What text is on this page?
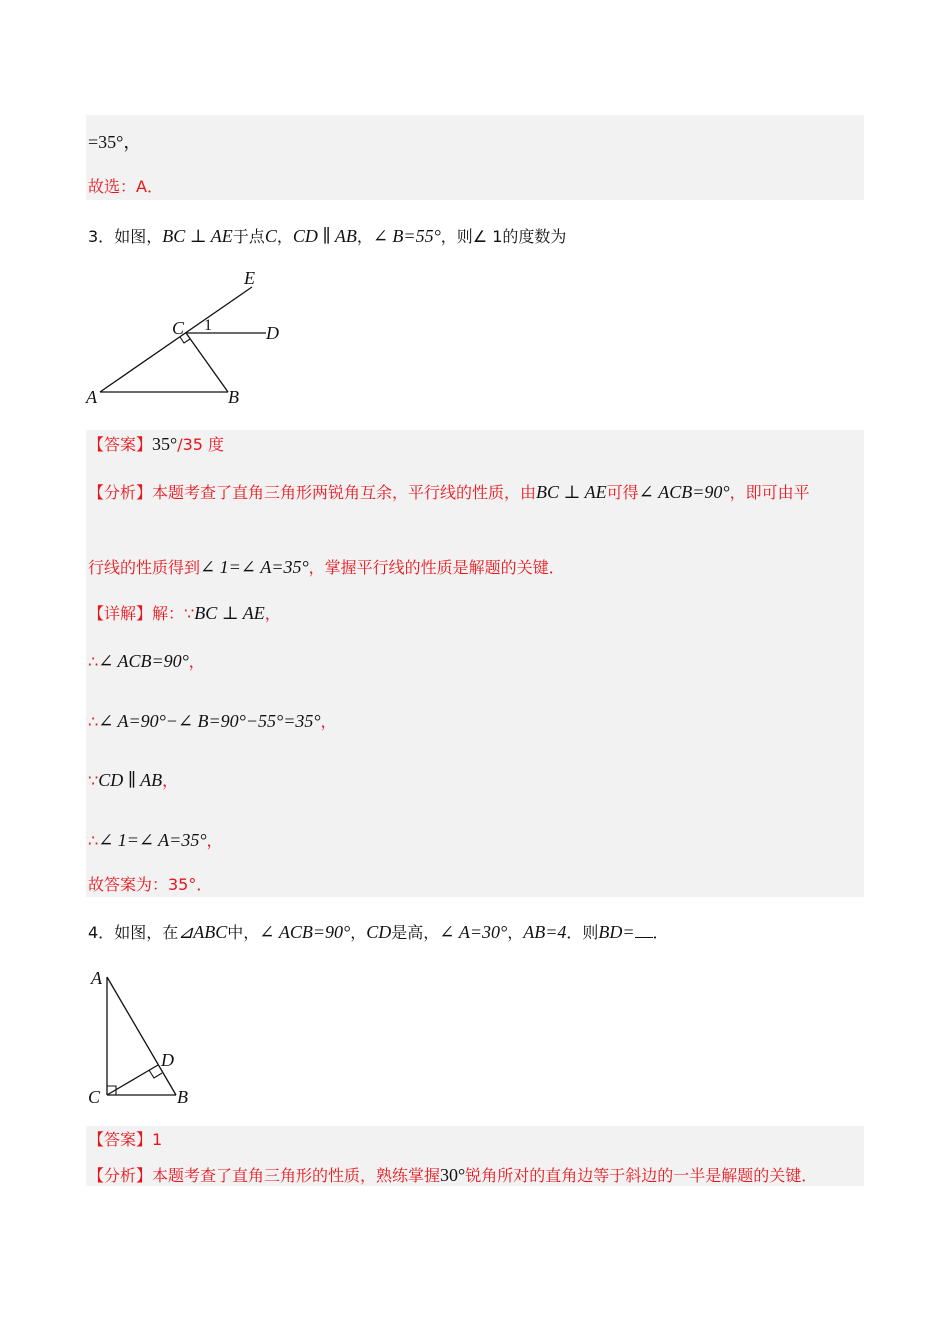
=35°，
故选：A．
3．如图，BC ⊥ AE于点C，CD ∥ AB，∠ B=55°，则∠ 1的度数为
E
C 1	D
A	B
【答案】35°/35 度
【分析】本题考查了直角三角形两锐角互余，平行线的性质，由BC ⊥ AE可得∠ ACB=90°，即可由平
行线的性质得到∠ 1=∠ A=35°，掌握平行线的性质是解题的关键．
【详解】解：∵BC ⊥ AE，
∴∠ ACB=90°，
∴∠ A=90°−∠ B=90°−55°=35°，
∵CD ∥ AB，
∴∠ 1=∠ A=35°，
故答案为：35°．
4．如图，在⊿ABC中，∠ ACB=90°，CD是高，∠ A=30°，AB=4．则BD= ．
A
D
C	B
【答案】1
【分析】本题考查了直角三角形的性质，熟练掌握30°锐角所对的直角边等于斜边的一半是解题的关键．
